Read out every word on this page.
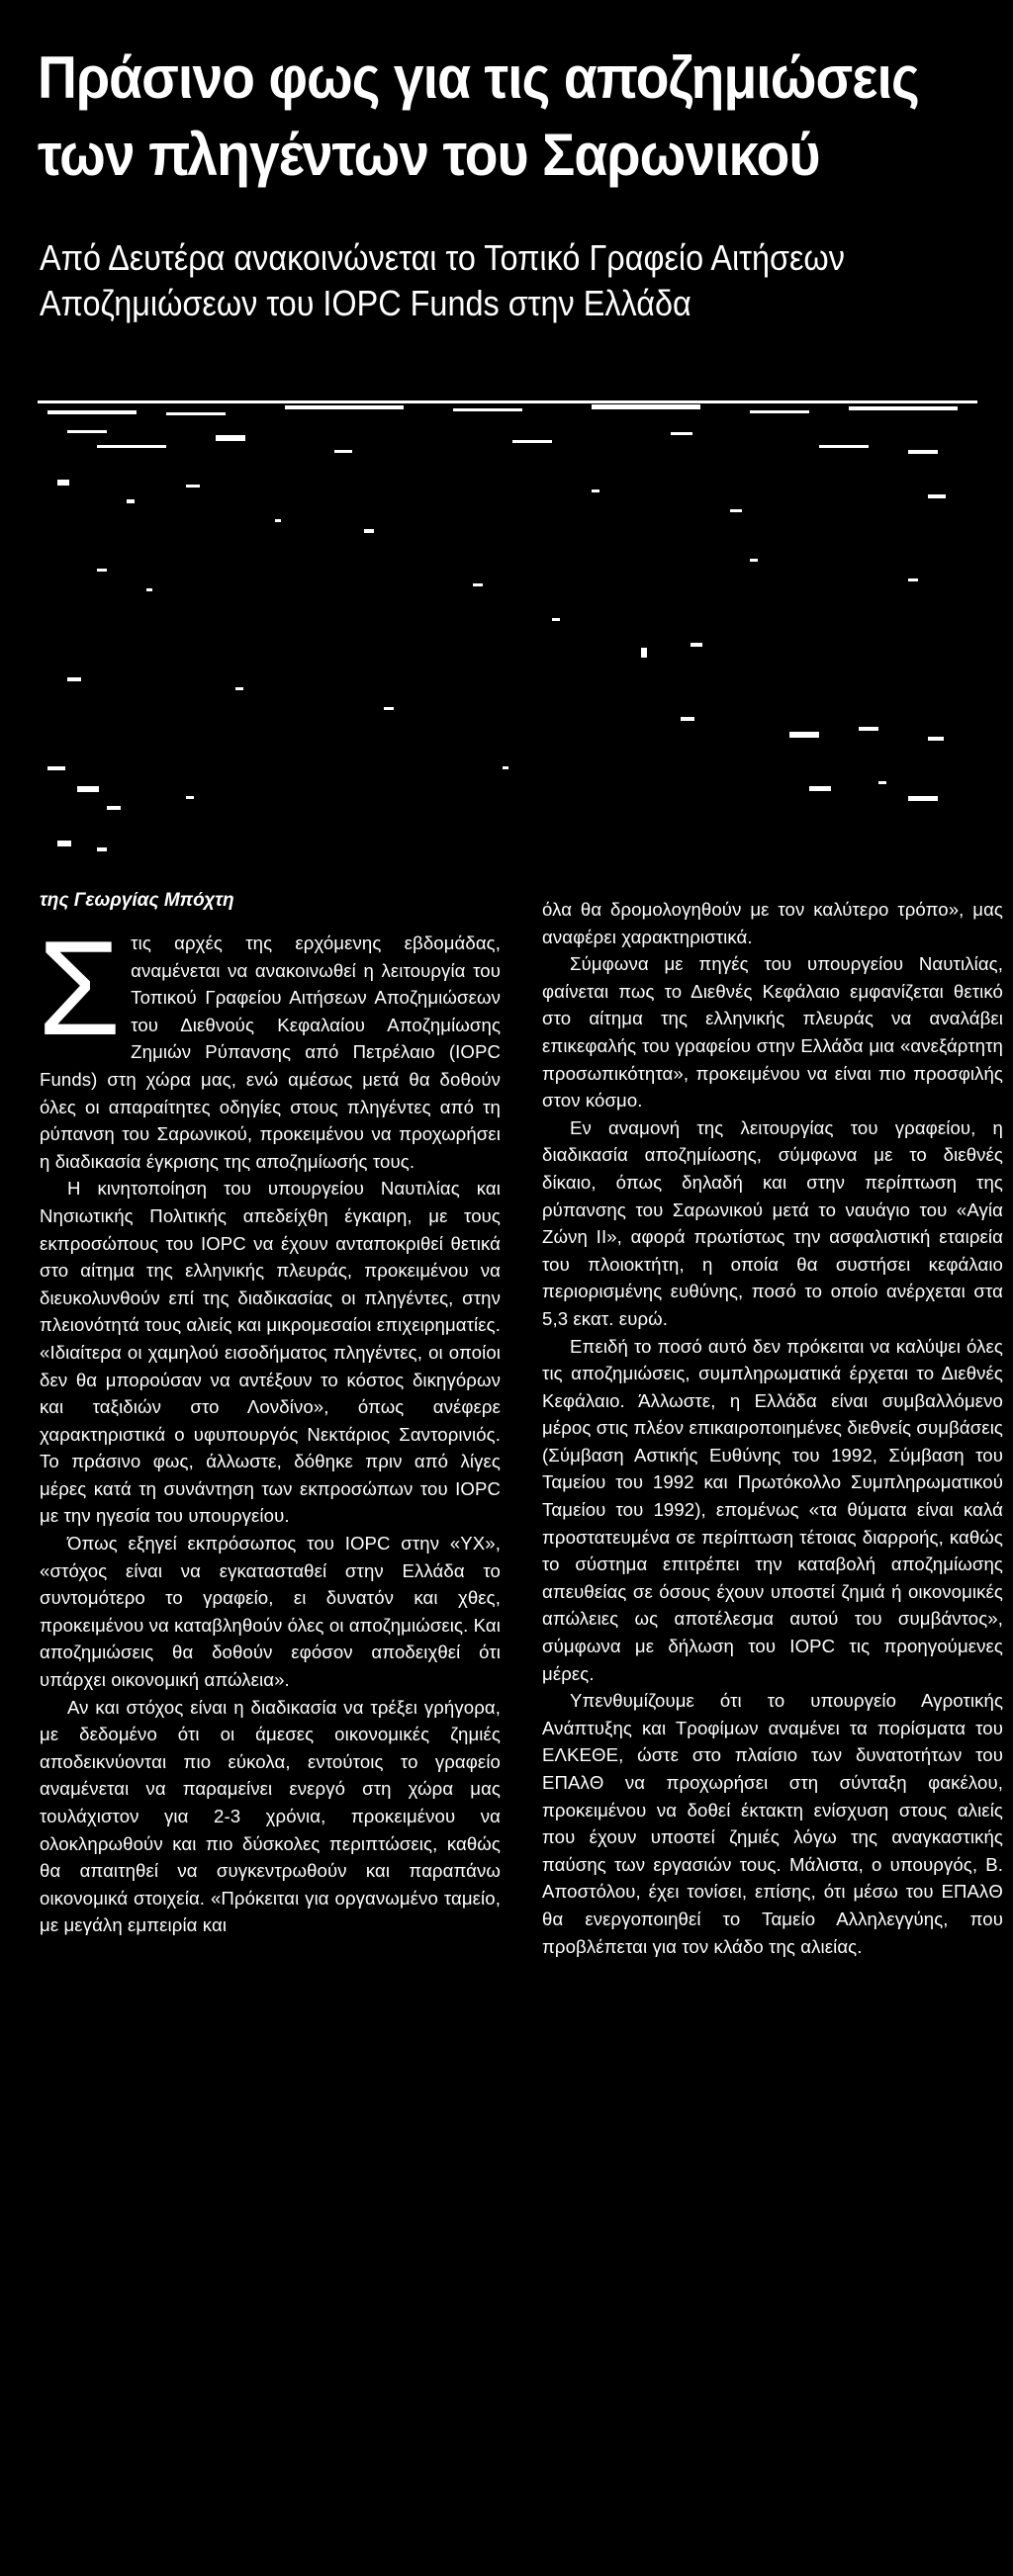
Πράσινο φως για τις αποζημιώσεις
των πληγέντων του Σαρωνικού
Από Δευτέρα ανακοινώνεται το Τοπικό Γραφείο Αιτήσεων
Αποζημιώσεων του IOPC Funds στην Ελλάδα
της Γεωργίας Μπόχτη

Στις αρχές της ερχόμενης εβδομάδας, αναμένεται να ανακοινωθεί η λειτουργία του Τοπικού Γραφείου Αιτήσεων Αποζημιώσεων του Διεθνούς Κεφαλαίου Αποζημίωσης Ζημιών Ρύπανσης από Πετρέλαιο (IOPC Funds) στη χώρα μας, ενώ αμέσως μετά θα δοθούν όλες οι απαραίτητες οδηγίες στους πληγέντες από τη ρύπανση του Σαρωνικού, προκειμένου να προχωρήσει η διαδικασία έγκρισης της αποζημίωσής τους.

Η κινητοποίηση του υπουργείου Ναυτιλίας και Νησιωτικής Πολιτικής απεδείχθη έγκαιρη, με τους εκπροσώπους του IOPC να έχουν ανταποκριθεί θετικά στο αίτημα της ελληνικής πλευράς, προκειμένου να διευκολυνθούν επί της διαδικασίας οι πληγέντες, στην πλειονότητά τους αλιείς και μικρομεσαίοι επιχειρηματίες. «Ιδιαίτερα οι χαμηλού εισοδήματος πληγέντες, οι οποίοι δεν θα μπορούσαν να αντέξουν το κόστος δικηγόρων και ταξιδιών στο Λονδίνο», όπως ανέφερε χαρακτηριστικά ο υφυπουργός Νεκτάριος Σαντορινιός. Το πράσινο φως, άλλωστε, δόθηκε πριν από λίγες μέρες κατά τη συνάντηση των εκπροσώπων του IOPC με την ηγεσία του υπουργείου.

Όπως εξηγεί εκπρόσωπος του IOPC στην «ΥΧ», «στόχος είναι να εγκατασταθεί στην Ελλάδα το συντομότερο το γραφείο, ει δυνατόν και χθες, προκειμένου να καταβληθούν όλες οι αποζημιώσεις. Και αποζημιώσεις θα δοθούν εφόσον αποδειχθεί ότι υπάρχει οικονομική απώλεια».

Αν και στόχος είναι η διαδικασία να τρέξει γρήγορα, με δεδομένο ότι οι άμεσες οικονομικές ζημιές αποδεικνύονται πιο εύκολα, εντούτοις το γραφείο αναμένεται να παραμείνει ενεργό στη χώρα μας τουλάχιστον για 2-3 χρόνια, προκειμένου να ολοκληρωθούν και πιο δύσκολες περιπτώσεις, καθώς θα απαιτηθεί να συγκεντρωθούν και παραπάνω οικονομικά στοιχεία. «Πρόκειται για οργανωμένο ταμείο, με μεγάλη εμπειρία και

όλα θα δρομολογηθούν με τον καλύτερο τρόπο», μας αναφέρει χαρακτηριστικά.

Σύμφωνα με πηγές του υπουργείου Ναυτιλίας, φαίνεται πως το Διεθνές Κεφάλαιο εμφανίζεται θετικό στο αίτημα της ελληνικής πλευράς να αναλάβει επικεφαλής του γραφείου στην Ελλάδα μια «ανεξάρτητη προσωπικότητα», προκειμένου να είναι πιο προσφιλής στον κόσμο.

Εν αναμονή της λειτουργίας του γραφείου, η διαδικασία αποζημίωσης, σύμφωνα με το διεθνές δίκαιο, όπως δηλαδή και στην περίπτωση της ρύπανσης του Σαρωνικού μετά το ναυάγιο του «Αγία Ζώνη ΙΙ», αφορά πρωτίστως την ασφαλιστική εταιρεία του πλοιοκτήτη, η οποία θα συστήσει κεφάλαιο περιορισμένης ευθύνης, ποσό το οποίο ανέρχεται στα 5,3 εκατ. ευρώ.

Επειδή το ποσό αυτό δεν πρόκειται να καλύψει όλες τις αποζημιώσεις, συμπληρωματικά έρχεται το Διεθνές Κεφάλαιο. Άλλωστε, η Ελλάδα είναι συμβαλλόμενο μέρος στις πλέον επικαιροποιημένες διεθνείς συμβάσεις (Σύμβαση Αστικής Ευθύνης του 1992, Σύμβαση του Ταμείου του 1992 και Πρωτόκολλο Συμπληρωματικού Ταμείου του 1992), επομένως «τα θύματα είναι καλά προστατευμένα σε περίπτωση τέτοιας διαρροής, καθώς το σύστημα επιτρέπει την καταβολή αποζημίωσης απευθείας σε όσους έχουν υποστεί ζημιά ή οικονομικές απώλειες ως αποτέλεσμα αυτού του συμβάντος», σύμφωνα με δήλωση του IOPC τις προηγούμενες μέρες.

Υπενθυμίζουμε ότι το υπουργείο Αγροτικής Ανάπτυξης και Τροφίμων αναμένει τα πορίσματα του ΕΛΚΕΘΕ, ώστε στο πλαίσιο των δυνατοτήτων του ΕΠΑλΘ να προχωρήσει στη σύνταξη φακέλου, προκειμένου να δοθεί έκτακτη ενίσχυση στους αλιείς που έχουν υποστεί ζημιές λόγω της αναγκαστικής παύσης των εργασιών τους. Μάλιστα, ο υπουργός, Β. Αποστόλου, έχει τονίσει, επίσης, ότι μέσω του ΕΠΑλΘ θα ενεργοποιηθεί το Ταμείο Αλληλεγγύης, που προβλέπεται για τον κλάδο της αλιείας.
